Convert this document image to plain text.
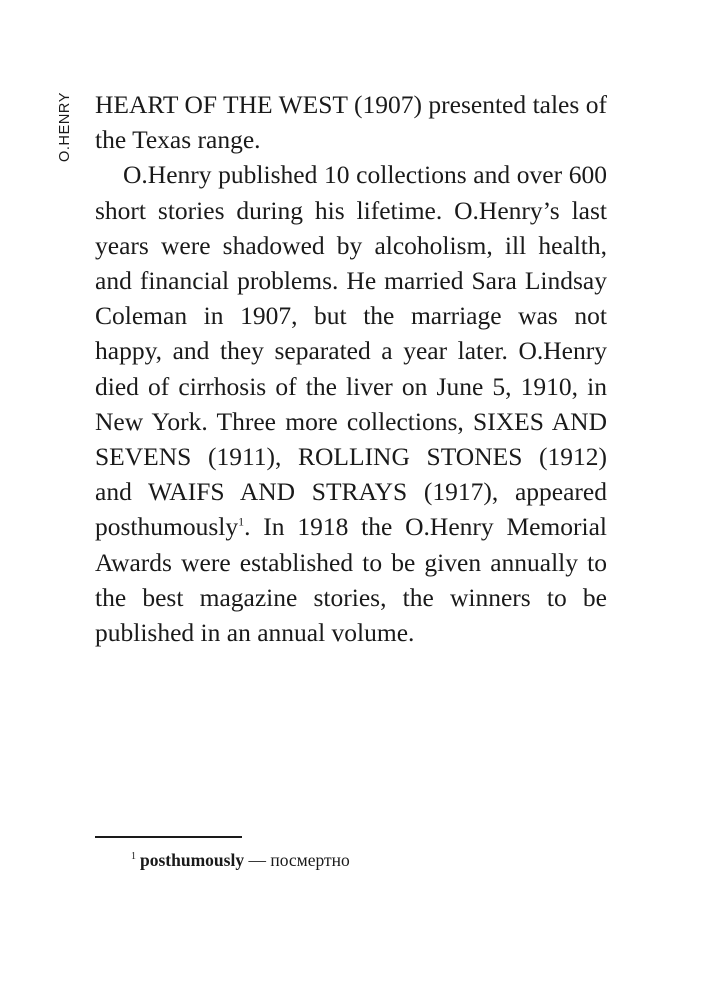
O.HENRY HEART OF THE WEST (1907) presented tales of the Texas range.

O.Henry published 10 collections and over 600 short stories during his lifetime. O.Henry’s last years were shadowed by alcoholism, ill health, and financial problems. He married Sara Lindsay Coleman in 1907, but the marriage was not happy, and they separated a year later. O.Henry died of cirrhosis of the liver on June 5, 1910, in New York. Three more collections, SIXES AND SEVENS (1911), ROLLING STONES (1912) and WAIFS AND STRAYS (1917), appeared posthumously$^1$. In 1918 the O.Henry Memorial Awards were established to be given annually to the best magazine stories, the winners to be published in an annual volume.

$^1$ posthumously — посмертно
